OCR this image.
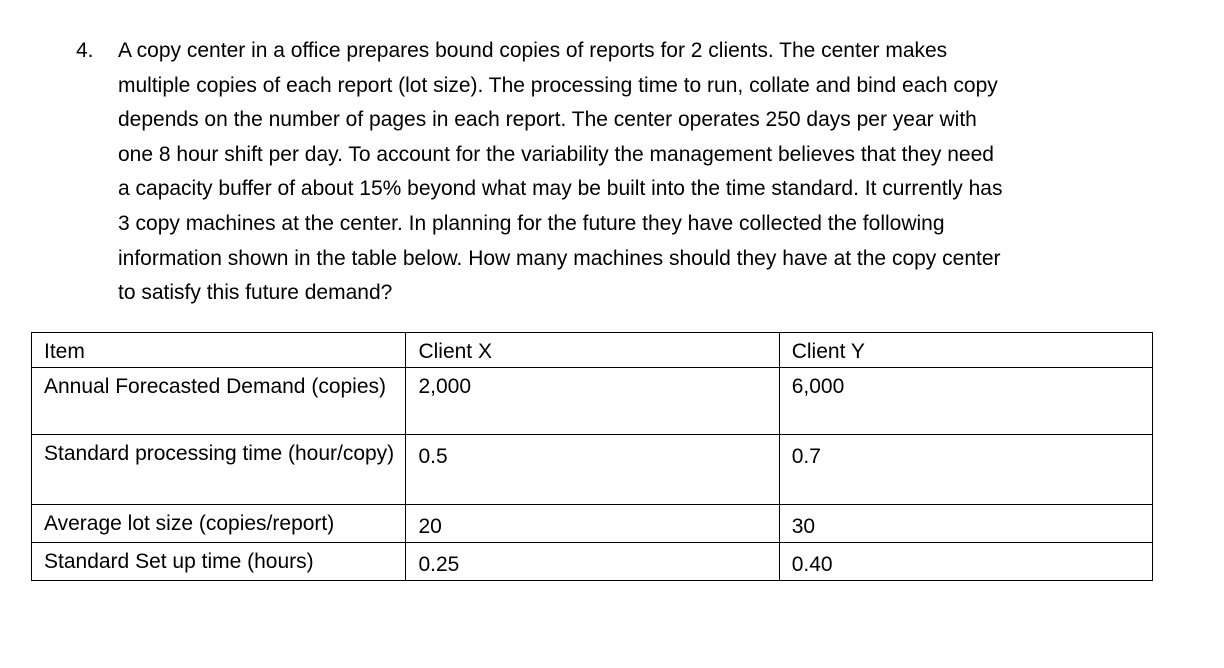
4.	A copy center in a office prepares bound copies of reports for 2 clients. The center makes
multiple copies of each report (lot size). The processing time to run, collate and bind each copy
depends on the number of pages in each report. The center operates 250 days per year with
one 8 hour shift per day. To account for the variability the management believes that they need
a capacity buffer of about 15% beyond what may be built into the time standard. It currently has
3 copy machines at the center. In planning for the future they have collected the following
information shown in the table below. How many machines should they have at the copy center
to satisfy this future demand?
Item	Client X	Client Y
Annual Forecasted Demand (copies)	2,000	6,000
Standard processing time (hour/copy)	0.5	0.7
Average lot size (copies/report)	20	30
Standard Set up time (hours)	0.25	0.40
